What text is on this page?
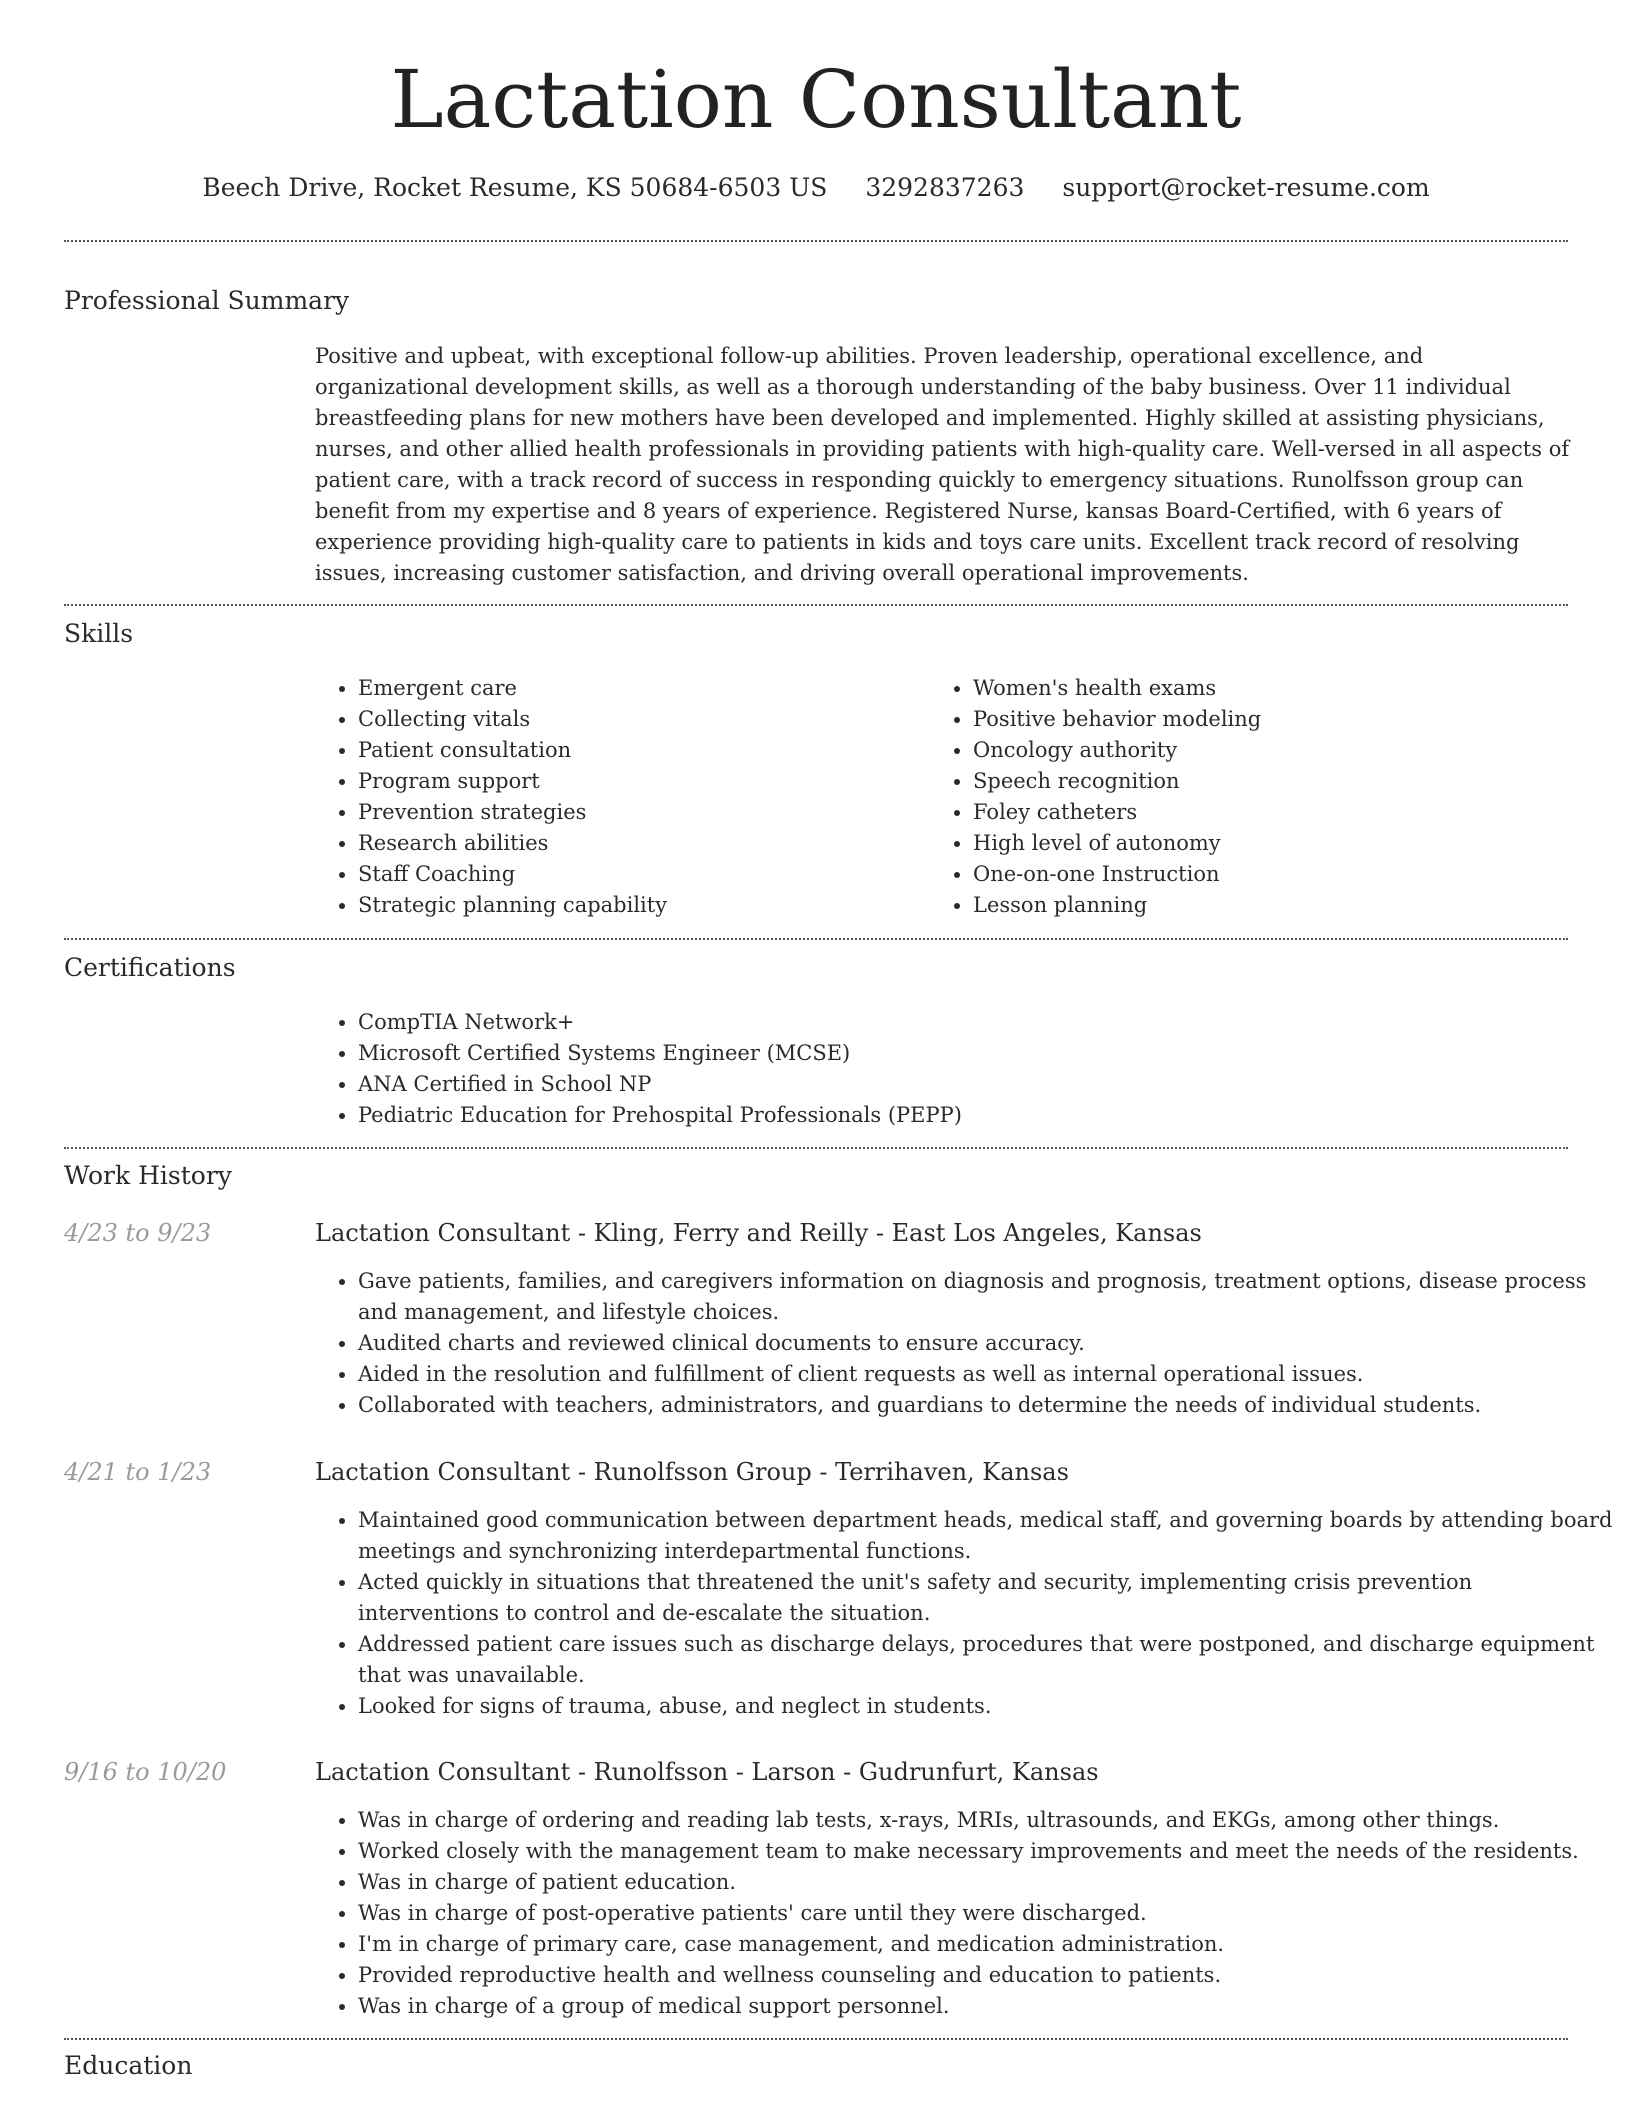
Lactation Consultant
Beech Drive, Rocket Resume, KS 50684-6503 US 3292837263 support@rocket-resume.com
Professional Summary

Positive and upbeat, with exceptional follow-up abilities. Proven leadership, operational excellence, and organizational development skills, as well as a thorough understanding of the baby business. Over 11 individual breastfeeding plans for new mothers have been developed and implemented. Highly skilled at assisting physicians, nurses, and other allied health professionals in providing patients with high-quality care. Well-versed in all aspects of patient care, with a track record of success in responding quickly to emergency situations. Runolfsson group can benefit from my expertise and 8 years of experience. Registered Nurse, kansas Board-Certified, with 6 years of experience providing high-quality care to patients in kids and toys care units. Excellent track record of resolving issues, increasing customer satisfaction, and driving overall operational improvements.

Skills
• Emergent care
• Collecting vitals
• Patient consultation
• Program support
• Prevention strategies
• Research abilities
• Staff Coaching
• Strategic planning capability
• Women's health exams
• Positive behavior modeling
• Oncology authority
• Speech recognition
• Foley catheters
• High level of autonomy
• One-on-one Instruction
• Lesson planning
Certifications
• CompTIA Network+
• Microsoft Certified Systems Engineer (MCSE)
• ANA Certified in School NP
• Pediatric Education for Prehospital Professionals (PEPP)
Work History
4/23 to 9/23	Lactation Consultant - Kling, Ferry and Reilly - East Los Angeles, Kansas
• Gave patients, families, and caregivers information on diagnosis and prognosis, treatment options, disease process and management, and lifestyle choices.
• Audited charts and reviewed clinical documents to ensure accuracy.
• Aided in the resolution and fulfillment of client requests as well as internal operational issues.
• Collaborated with teachers, administrators, and guardians to determine the needs of individual students.
4/21 to 1/23	Lactation Consultant - Runolfsson Group - Terrihaven, Kansas
• Maintained good communication between department heads, medical staff, and governing boards by attending board meetings and synchronizing interdepartmental functions.
• Acted quickly in situations that threatened the unit's safety and security, implementing crisis prevention interventions to control and de-escalate the situation.
• Addressed patient care issues such as discharge delays, procedures that were postponed, and discharge equipment that was unavailable.
• Looked for signs of trauma, abuse, and neglect in students.
9/16 to 10/20	Lactation Consultant - Runolfsson - Larson - Gudrunfurt, Kansas
• Was in charge of ordering and reading lab tests, x-rays, MRIs, ultrasounds, and EKGs, among other things.
• Worked closely with the management team to make necessary improvements and meet the needs of the residents.
• Was in charge of patient education.
• Was in charge of post-operative patients' care until they were discharged.
• I'm in charge of primary care, case management, and medication administration.
• Provided reproductive health and wellness counseling and education to patients.
• Was in charge of a group of medical support personnel.
Education
